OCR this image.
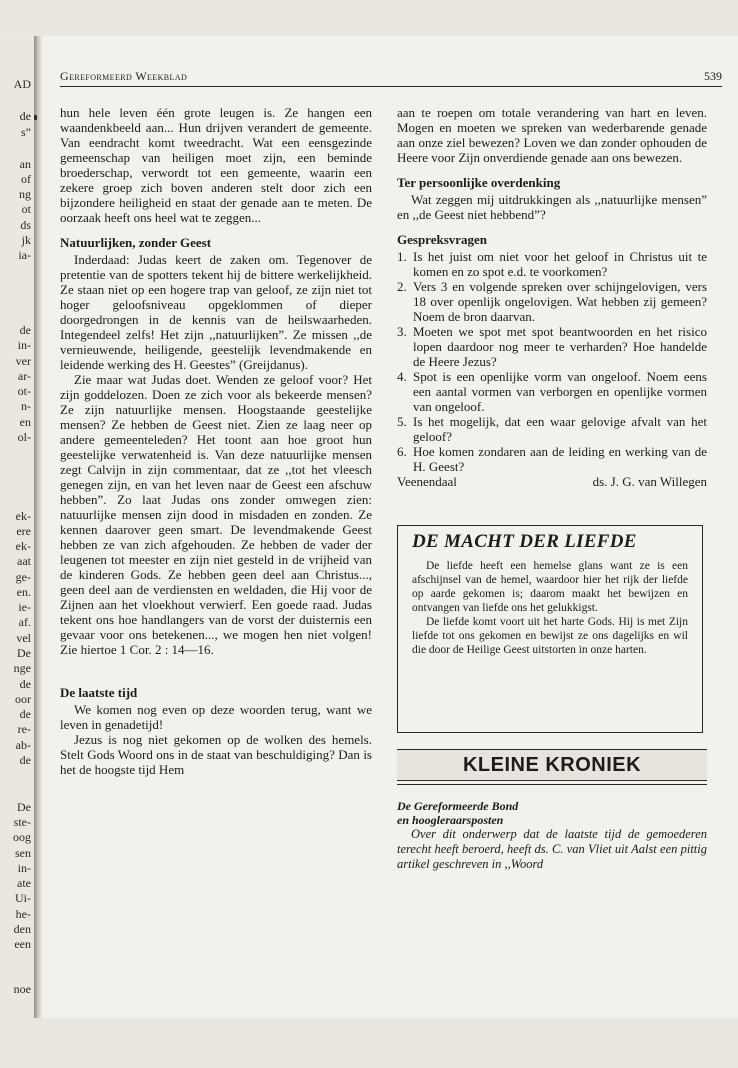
AD
de
s”
an
of
ng
ot
ds
jk
ia-
de
in-
ver
ar-
ot-
n-
en
ol-
ek-
ere
ek-
aat
ge-
en.
ie-
af.
vel
De
nge
de
oor
de
re-
ab-
de
De
ste-
oog
sen
in-
ate
Ui-
he-
den
een
noe
Gereformeerd Weekblad	539

hun hele leven één grote leugen is. Ze hangen een waandenkbeeld aan... Hun drijven verandert de gemeente. Van eendracht komt tweedracht. Wat een eensgezinde gemeenschap van heiligen moet zijn, een beminde broederschap, verwordt tot een gemeente, waarin een zekere groep zich boven anderen stelt door zich een bijzondere heiligheid en staat der genade aan te meten. De oorzaak heeft ons heel wat te zeggen...

Natuurlijken, zonder Geest

Inderdaad: Judas keert de zaken om. Tegenover de pretentie van de spotters tekent hij de bittere werkelijkheid. Ze staan niet op een hogere trap van geloof, ze zijn niet tot hoger geloofsniveau opgeklommen of dieper doorgedrongen in de kennis van de heilswaarheden. Integendeel zelfs! Het zijn ,,natuurlijken”. Ze missen ,,de vernieuwende, heiligende, geestelijk levendmakende en leidende werking des H. Geestes” (Greijdanus).

Zie maar wat Judas doet. Wenden ze geloof voor? Het zijn goddelozen. Doen ze zich voor als bekeerde mensen? Ze zijn natuurlijke mensen. Hoogstaande geestelijke mensen? Ze hebben de Geest niet. Zien ze laag neer op andere gemeenteleden? Het toont aan hoe groot hun geestelijke verwatenheid is. Van deze natuurlijke mensen zegt Calvijn in zijn commentaar, dat ze ,,tot het vleesch genegen zijn, en van het leven naar de Geest een afschuw hebben”. Zo laat Judas ons zonder omwegen zien: natuurlijke mensen zijn dood in misdaden en zonden. Ze kennen daarover geen smart. De levendmakende Geest hebben ze van zich afgehouden. Ze hebben de vader der leugenen tot meester en zijn niet gesteld in de vrijheid van de kinderen Gods. Ze hebben geen deel aan Christus..., geen deel aan de verdiensten en weldaden, die Hij voor de Zijnen aan het vloekhout verwierf. Een goede raad. Judas tekent ons hoe handlangers van de vorst der duisternis een gevaar voor ons betekenen..., we mogen hen niet volgen! Zie hiertoe 1 Cor. 2 : 14—16.

De laatste tijd

We komen nog even op deze woorden terug, want we leven in genadetijd!

Jezus is nog niet gekomen op de wolken des hemels. Stelt Gods Woord ons in de staat van beschuldiging? Dan is het de hoogste tijd Hem

aan te roepen om totale verandering van hart en leven. Mogen en moeten we spreken van wederbarende genade aan onze ziel bewezen? Loven we dan zonder ophouden de Heere voor Zijn onverdiende genade aan ons bewezen.

Ter persoonlijke overdenking

Wat zeggen mij uitdrukkingen als ,,natuurlijke mensen” en ,,de Geest niet hebbend”?

Gespreksvragen
1. Is het juist om niet voor het geloof in Christus uit te komen en zo spot e.d. te voorkomen?
2. Vers 3 en volgende spreken over schijngelovigen, vers 18 over openlijk ongelovigen. Wat hebben zij gemeen? Noem de bron daarvan.
3. Moeten we spot met spot beantwoorden en het risico lopen daardoor nog meer te verharden? Hoe handelde de Heere Jezus?
4. Spot is een openlijke vorm van ongeloof. Noem eens een aantal vormen van verborgen en openlijke vormen van ongeloof.
5. Is het mogelijk, dat een waar gelovige afvalt van het geloof?
6. Hoe komen zondaren aan de leiding en werking van de H. Geest?
Veenendaal	ds. J. G. van Willegen
DE MACHT DER LIEFDE

De liefde heeft een hemelse glans want ze is een afschijnsel van de hemel, waardoor hier het rijk der liefde op aarde gekomen is; daarom maakt het bewijzen en ontvangen van liefde ons het gelukkigst.

De liefde komt voort uit het harte Gods. Hij is met Zijn liefde tot ons gekomen en bewijst ze ons dagelijks en wil die door de Heilige Geest uitstorten in onze harten.

KLEINE KRONIEK
De Gereformeerde Bond
en hoogleraarsposten

Over dit onderwerp dat de laatste tijd de gemoederen terecht heeft beroerd, heeft ds. C. van Vliet uit Aalst een pittig artikel geschreven in ,,Woord
